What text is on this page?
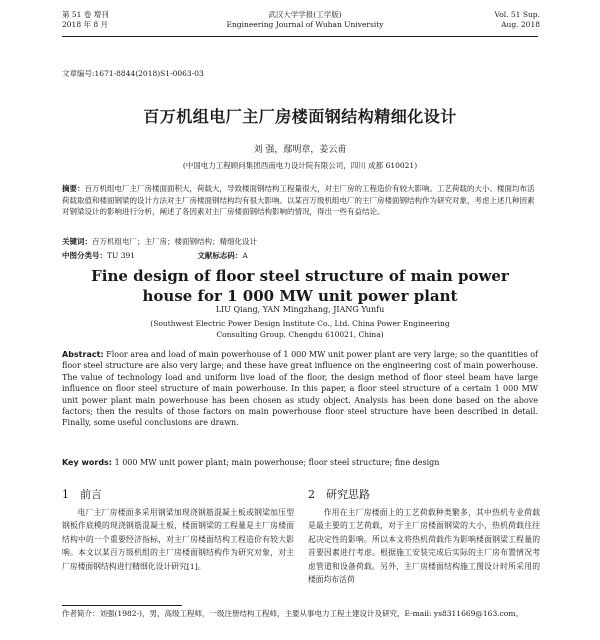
第 51 卷 增刊
2018 年 8 月
武汉大学学报(工学版)
Engineering Journal of Wuhan University
Vol. 51 Sup.
Aug. 2018
文章编号:1671-8844(2018)S1-0063-03
百万机组电厂主厂房楼面钢结构精细化设计
刘 强，鄢明章，姜云甫
(中国电力工程顾问集团西南电力设计院有限公司，四川 成都 610021)
摘要：百万机组电厂主厂房楼面面积大，荷载大，导致楼面钢结构工程量很大，对主厂房的工程造价有较大影响。工艺荷载的大小、楼面均布活荷载取值和楼面钢梁的设计方法对主厂房楼面钢结构均有很大影响。以某百万级机组电厂的主厂房楼面钢结构作为研究对象，考虑上述几种因素对钢梁设计的影响进行分析，阐述了各因素对主厂房楼面钢结构影响的情况，得出一些有益结论。
关键词：百万机组电厂；主厂房；楼面钢结构；精细化设计
中图分类号：TU 391	文献标志码：A
Fine design of floor steel structure of main power
house for 1 000 MW unit power plant
LIU Qiang, YAN Mingzhang, JIANG Yunfu
(Southwest Electric Power Design Institute Co., Ltd. China Power Engineering
Consulting Group, Chengdu 610021, China)
Abstract: Floor area and load of main powerhouse of 1 000 MW unit power plant are very large; so the quantities of floor steel structure are also very large; and these have great influence on the engineering cost of main powerhouse. The value of technology load and uniform live load of the floor, the design method of floor steel beam have large influence on floor steel structure of main powerhouse. In this paper, a floor steel structure of a certain 1 000 MW unit power plant main powerhouse has been chosen as study object. Analysis has been done based on the above factors; then the results of those factors on main powerhouse floor steel structure have been described in detail. Finally, some useful conclusions are drawn.
Key words: 1 000 MW unit power plant; main powerhouse; floor steel structure; fine design
1　前言	2　研究思路
电厂主厂房楼面多采用钢梁加现浇钢筋混凝土板或钢梁加压型钢板作底模的现浇钢筋混凝土板，楼面钢梁的工程量是主厂房楼面结构中的一个重要经济指标，对主厂房楼面结构工程造价有较大影响。本文以某百万级机组的主厂房楼面钢结构作为研究对象，对主厂房楼面钢结构进行精细化设计研究[1]。
作用在主厂房楼面上的工艺荷载种类繁多，其中热机专业荷载是最主要的工艺荷载，对于主厂房楼面钢梁的大小，热机荷载往往起决定性的影响。所以本文将热机荷载作为影响楼面钢梁工程量的首要因素进行考虑。根据施工安装完成后实际的主厂房布置情况考虑管道和设备荷载。另外，主厂房楼面结构施工图设计时所采用的楼面均布活荷
作者简介：刘强(1982-)，男，高级工程师，一级注册结构工程师，主要从事电力工程土建设计及研究，E-mail: ys8311669@163.com。
